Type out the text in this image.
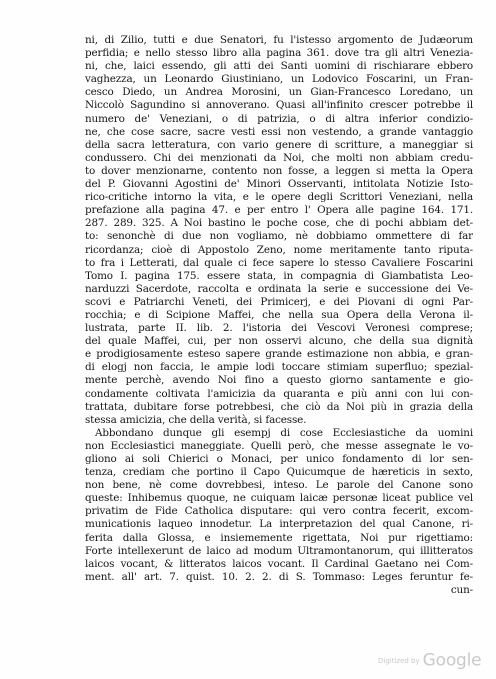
ni, di Zilio, tutti e due Senatori, fu l'istesso argomento de Judæorum
perfidia; e nello stesso libro alla pagina 361. dove tra gli altri Venezia-
ni, che, laici essendo, gli atti dei Santi uomini di rischiarare ebbero
vaghezza, un Leonardo Giustiniano, un Lodovico Foscarini, un Fran-
cesco Diedo, un Andrea Morosini, un Gian-Francesco Loredano, un
Niccolò Sagundino si annoverano. Quasi all'infinito crescer potrebbe il
numero de' Veneziani, o di patrizia, o di altra inferior condizio-
ne, che cose sacre, sacre vesti essi non vestendo, a grande vantaggio
della sacra letteratura, con vario genere di scritture, a maneggiar si
condussero. Chi dei menzionati da Noi, che molti non abbiam credu-
to dover menzionarne, contento non fosse, a leggen si metta la Opera
del P. Giovanni Agostini de' Minori Osservanti, intitolata Notizie Isto-
rico-critiche intorno la vita, e le opere degli Scrittori Veneziani, nella
prefazione alla pagina 47. e per entro l' Opera alle pagine 164. 171.
287. 289. 325. A Noi bastino le poche cose, che di pochi abbiam det-
to: senonchè di due non vogliamo, nè dobbiamo ommettere di far
ricordanza; cioè di Appostolo Zeno, nome meritamente tanto riputa-
to fra i Letterati, dal quale ci fece sapere lo stesso Cavaliere Foscarini
Tomo I. pagina 175. essere stata, in compagnia di Giambatista Leo-
narduzzi Sacerdote, raccolta e ordinata la serie e successione dei Ve-
scovi e Patriarchi Veneti, dei Primicerj, e dei Piovani di ogni Par-
rocchia; e di Scipione Maffei, che nella sua Opera della Verona il-
lustrata, parte II. lib. 2. l'istoria dei Vescovi Veronesi comprese;
del quale Maffei, cui, per non osservi alcuno, che della sua dignità
e prodigiosamente esteso sapere grande estimazione non abbia, e gran-
di elogj non faccia, le ampie lodi toccare stimiam superfluo; spezial-
mente perchè, avendo Noi fino a questo giorno santamente e gio-
condamente coltivata l'amicizia da quaranta e più anni con lui con-
trattata, dubitare forse potrebbesi, che ciò da Noi più in grazia della
stessa amicizia, che della verità, si facesse.
Abbondano dunque gli esempj di cose Ecclesiastiche da uomini
non Ecclesiastici maneggiate. Quelli però, che messe assegnate le vo-
gliono ai soli Chierici o Monaci, per unico fondamento di lor sen-
tenza, crediam che portino il Capo Quicumque de hæreticis in sexto,
non bene, nè come dovrebbesi, inteso. Le parole del Canone sono
queste: Inhibemus quoque, ne cuiquam laicæ personæ liceat publice vel
privatim de Fide Catholica disputare: qui vero contra fecerit, excom-
municationis laqueo innodetur. La interpretazion del qual Canone, ri-
ferita dalla Glossa, e insiememente rigettata, Noi pur rigettiamo:
Forte intellexerunt de laico ad modum Ultramontanorum, qui illitteratos
laicos vocant, & litteratos laicos vocant. Il Cardinal Gaetano nei Com-
ment. all' art. 7. quist. 10. 2. 2. di S. Tommaso: Leges feruntur fe-
cun-
Digitized by Google
